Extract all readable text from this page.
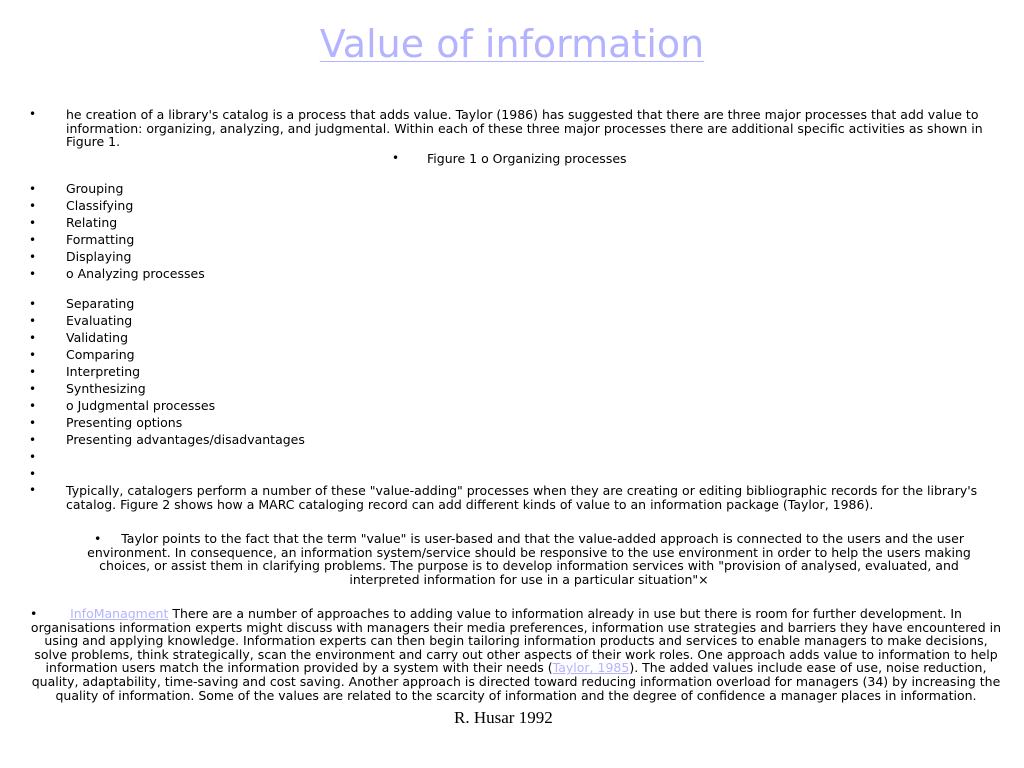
Value of information
• he creation of a library's catalog is a process that adds value. Taylor (1986) has suggested that there are three major processes that add value to information: organizing, analyzing, and judgmental. Within each of these three major processes there are additional specific activities as shown in Figure 1.
• Figure 1 o Organizing processes
• Grouping
• Classifying
• Relating
• Formatting
• Displaying
• o Analyzing processes
• Separating
• Evaluating
• Validating
• Comparing
• Interpreting
• Synthesizing
• o Judgmental processes
• Presenting options
• Presenting advantages/disadvantages
•
•
• Typically, catalogers perform a number of these "value-adding" processes when they are creating or editing bibliographic records for the library's catalog. Figure 2 shows how a MARC cataloging record can add different kinds of value to an information package (Taylor, 1986).
• Taylor points to the fact that the term "value" is user-based and that the value-added approach is connected to the users and the user environment. In consequence, an information system/service should be responsive to the use environment in order to help the users making choices, or assist them in clarifying problems. The purpose is to develop information services with "provision of analysed, evaluated, and interpreted information for use in a particular situation"×
•	InfoManagment There are a number of approaches to adding value to information already in use but there is room for further development. In organisations information experts might discuss with managers their media preferences, information use strategies and barriers they have encountered in using and applying knowledge. Information experts can then begin tailoring information products and services to enable managers to make decisions, solve problems, think strategically, scan the environment and carry out other aspects of their work roles. One approach adds value to information to help information users match the information provided by a system with their needs (Taylor, 1985). The added values include ease of use, noise reduction, quality, adaptability, time-saving and cost saving. Another approach is directed toward reducing information overload for managers (34) by increasing the quality of information. Some of the values are related to the scarcity of information and the degree of confidence a manager places in information.
R. Husar 1992
